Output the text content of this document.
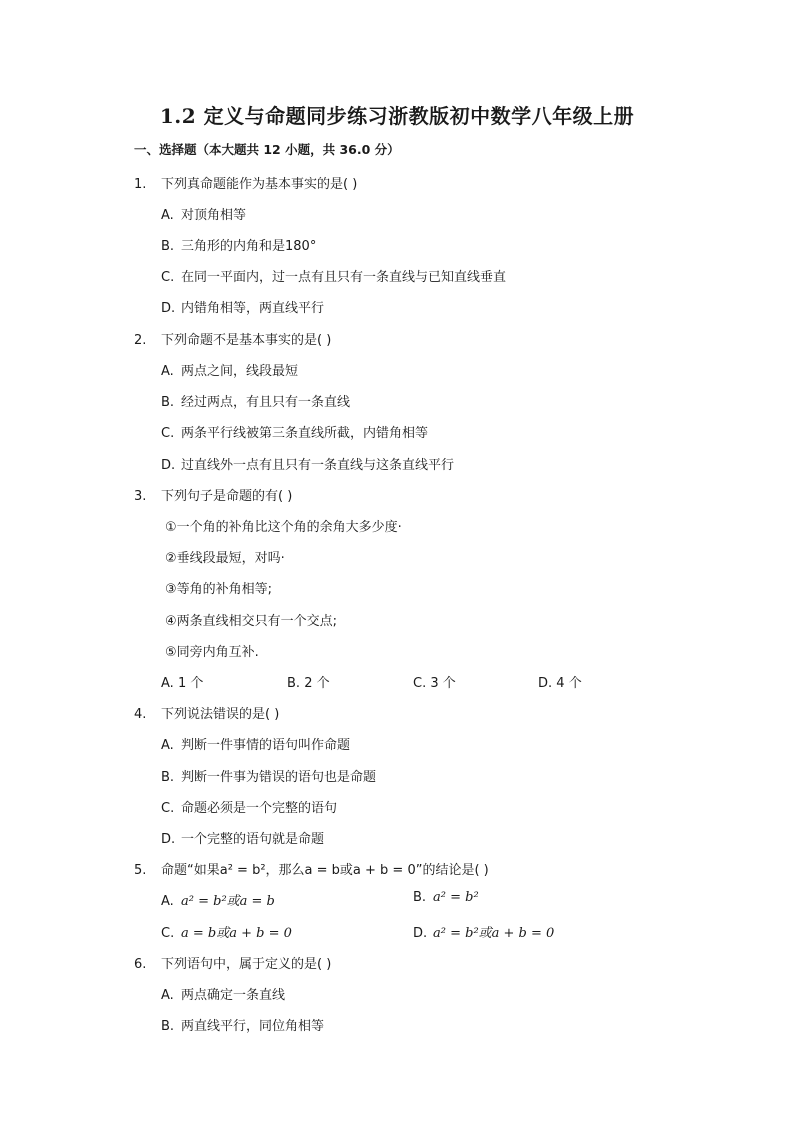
1.2 定义与命题同步练习浙教版初中数学八年级上册
一、选择题（本大题共 12 小题，共 36.0 分）
1. 下列真命题能作为基本事实的是( )
A. 对顶角相等
B. 三角形的内角和是180°
C. 在同一平面内，过一点有且只有一条直线与已知直线垂直
D. 内错角相等，两直线平行
2. 下列命题不是基本事实的是( )
A. 两点之间，线段最短
B. 经过两点，有且只有一条直线
C. 两条平行线被第三条直线所截，内错角相等
D. 过直线外一点有且只有一条直线与这条直线平行
3. 下列句子是命题的有( )
①一个角的补角比这个角的余角大多少度·
②垂线段最短，对吗·
③等角的补角相等;
④两条直线相交只有一个交点;
⑤同旁内角互补.
A. 1 个	B. 2 个	C. 3 个	D. 4 个
4. 下列说法错误的是( )
A. 判断一件事情的语句叫作命题
B. 判断一件事为错误的语句也是命题
C. 命题必须是一个完整的语句
D. 一个完整的语句就是命题
5. 命题“如果a² = b²，那么a = b或a + b = 0”的结论是( )
A. a² = b²或a = b	B. a² = b²
C. a = b或a + b = 0	D. a² = b²或a + b = 0
6. 下列语句中，属于定义的是( )
A. 两点确定一条直线
B. 两直线平行，同位角相等
